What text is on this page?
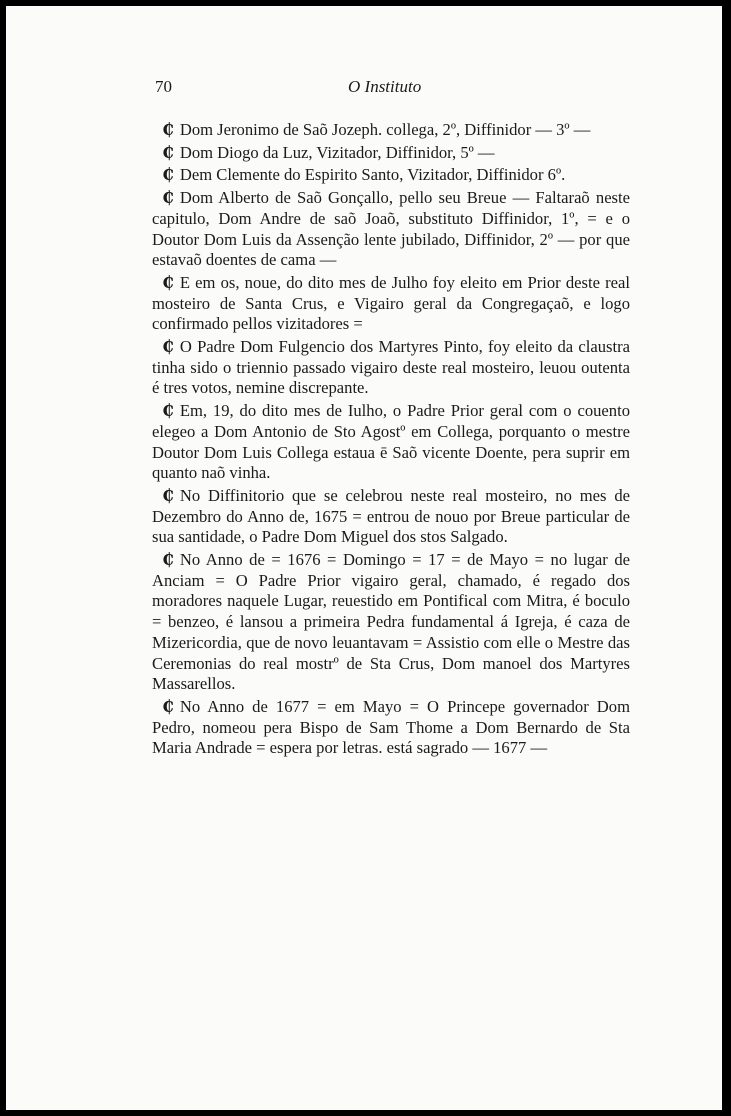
70	O Instituto

₵ Dom Jeronimo de Saõ Jozeph. collega, 2º, Diffinidor — 3º —

₵ Dom Diogo da Luz, Vizitador, Diffinidor, 5º —

₵ Dem Clemente do Espirito Santo, Vizitador, Diffinidor 6º.

₵ Dom Alberto de Saõ Gonçallo, pello seu Breue — Faltaraõ neste capitulo, Dom Andre de saõ Joaõ, substituto Diffinidor, 1º, = e o Doutor Dom Luis da Assenção lente jubilado, Diffinidor, 2º — por que estavaõ doentes de cama —

₵ E em os, noue, do dito mes de Julho foy eleito em Prior deste real mosteiro de Santa Crus, e Vigairo geral da Congregaçaõ, e logo confirmado pellos vizitadores =

₵ O Padre Dom Fulgencio dos Martyres Pinto, foy eleito da claustra tinha sido o triennio passado vigairo deste real mosteiro, leuou outenta é tres votos, nemine discrepante.

₵ Em, 19, do dito mes de Iulho, o Padre Prior geral com o couento elegeo a Dom Antonio de Sto Agostº em Collega, porquanto o mestre Doutor Dom Luis Collega estaua ē Saõ vicente Doente, pera suprir em quanto naõ vinha.

₵ No Diffinitorio que se celebrou neste real mosteiro, no mes de Dezembro do Anno de, 1675 = entrou de nouo por Breue particular de sua santidade, o Padre Dom Miguel dos stos Salgado.

₵ No Anno de = 1676 = Domingo = 17 = de Mayo = no lugar de Anciam = O Padre Prior vigairo geral, chamado, é regado dos moradores naquele Lugar, reuestido em Pontifical com Mitra, é boculo = benzeo, é lansou a primeira Pedra fundamental á Igreja, é caza de Mizericordia, que de novo leuantavam = Assistio com elle o Mestre das Ceremonias do real mostrº de Sta Crus, Dom manoel dos Martyres Massarellos.

₵ No Anno de 1677 = em Mayo = O Princepe governador Dom Pedro, nomeou pera Bispo de Sam Thome a Dom Bernardo de Sta Maria Andrade = espera por letras. está sagrado — 1677 —
